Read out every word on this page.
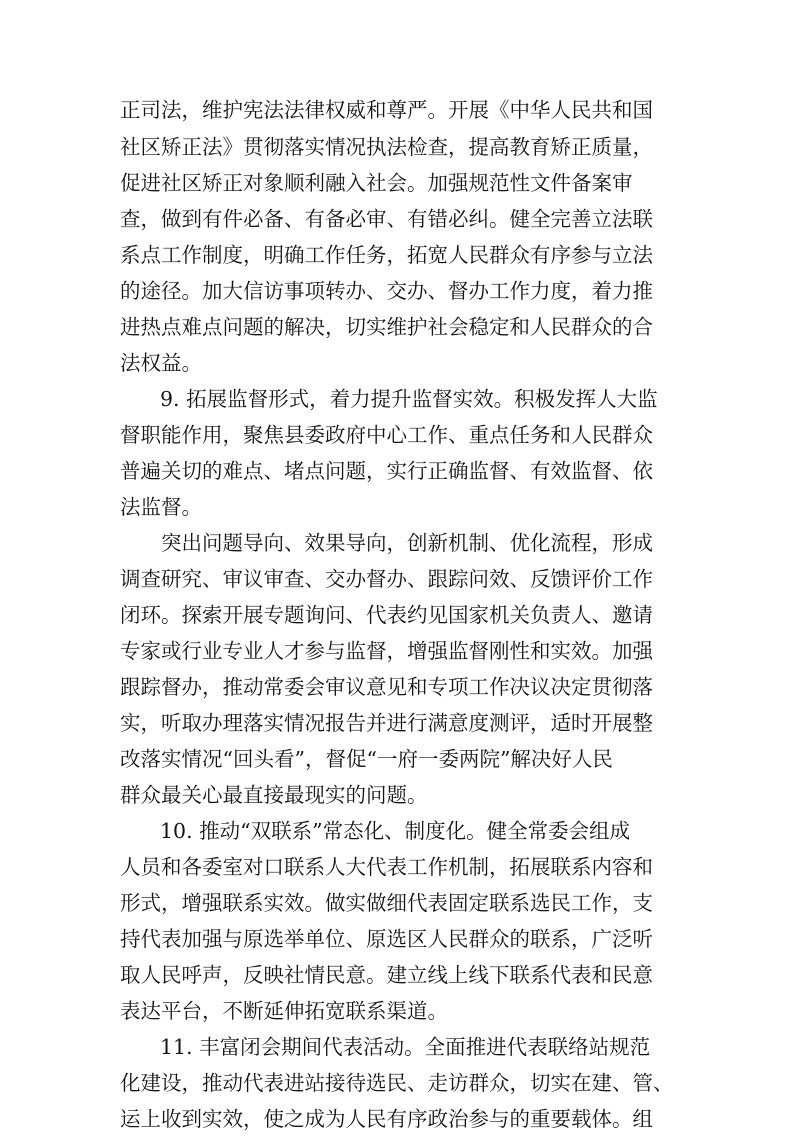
正司法，维护宪法法律权威和尊严。开展《中华人民共和国
社区矫正法》贯彻落实情况执法检查，提高教育矫正质量，
促进社区矫正对象顺利融入社会。加强规范性文件备案审
查，做到有件必备、有备必审、有错必纠。健全完善立法联
系点工作制度，明确工作任务，拓宽人民群众有序参与立法
的途径。加大信访事项转办、交办、督办工作力度，着力推
进热点难点问题的解决，切实维护社会稳定和人民群众的合
法权益。
9. 拓展监督形式，着力提升监督实效。积极发挥人大监
督职能作用，聚焦县委政府中心工作、重点任务和人民群众
普遍关切的难点、堵点问题，实行正确监督、有效监督、依
法监督。
突出问题导向、效果导向，创新机制、优化流程，形成
调查研究、审议审查、交办督办、跟踪问效、反馈评价工作
闭环。探索开展专题询问、代表约见国家机关负责人、邀请
专家或行业专业人才参与监督，增强监督刚性和实效。加强
跟踪督办，推动常委会审议意见和专项工作决议决定贯彻落
实，听取办理落实情况报告并进行满意度测评，适时开展整
改落实情况“回头看”，督促“一府一委两院”解决好人民
群众最关心最直接最现实的问题。
10. 推动“双联系”常态化、制度化。健全常委会组成
人员和各委室对口联系人大代表工作机制，拓展联系内容和
形式，增强联系实效。做实做细代表固定联系选民工作，支
持代表加强与原选举单位、原选区人民群众的联系，广泛听
取人民呼声，反映社情民意。建立线上线下联系代表和民意
表达平台，不断延伸拓宽联系渠道。
11. 丰富闭会期间代表活动。全面推进代表联络站规范
化建设，推动代表进站接待选民、走访群众，切实在建、管、
运上收到实效，使之成为人民有序政治参与的重要载体。组
